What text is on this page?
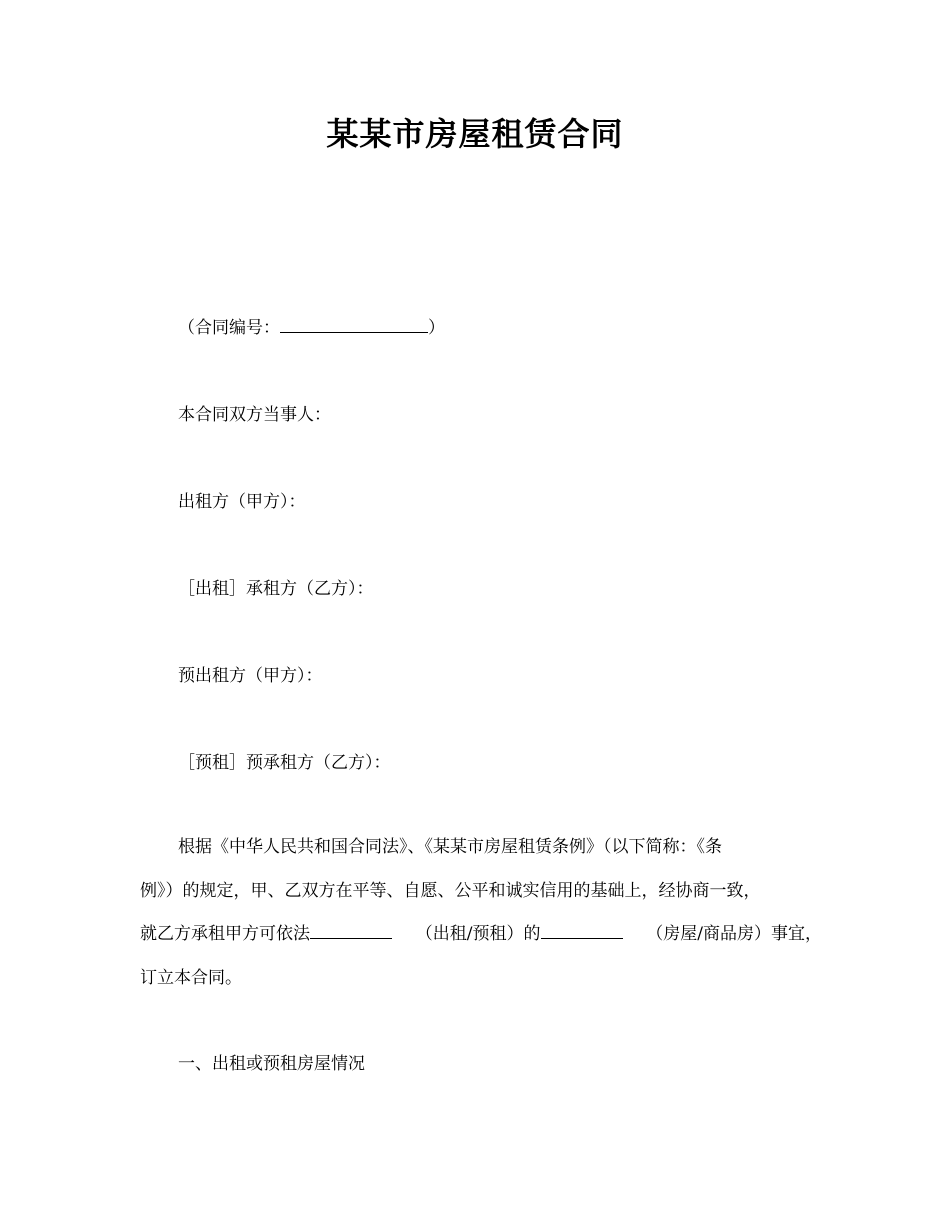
某某市房屋租赁合同
（合同编号：	）
本合同双方当事人：
出租方（甲方）：
［出租］承租方（乙方）：
预出租方（甲方）：
［预租］预承租方（乙方）：
根据《中华人民共和国合同法》、《某某市房屋租赁条例》（以下简称：《条
例》）的规定，甲、乙双方在平等、自愿、公平和诚实信用的基础上，经协商一致，
就乙方承租甲方可依法	（出租/预租）的	（房屋/商品房）事宜，
订立本合同。
一、出租或预租房屋情况
